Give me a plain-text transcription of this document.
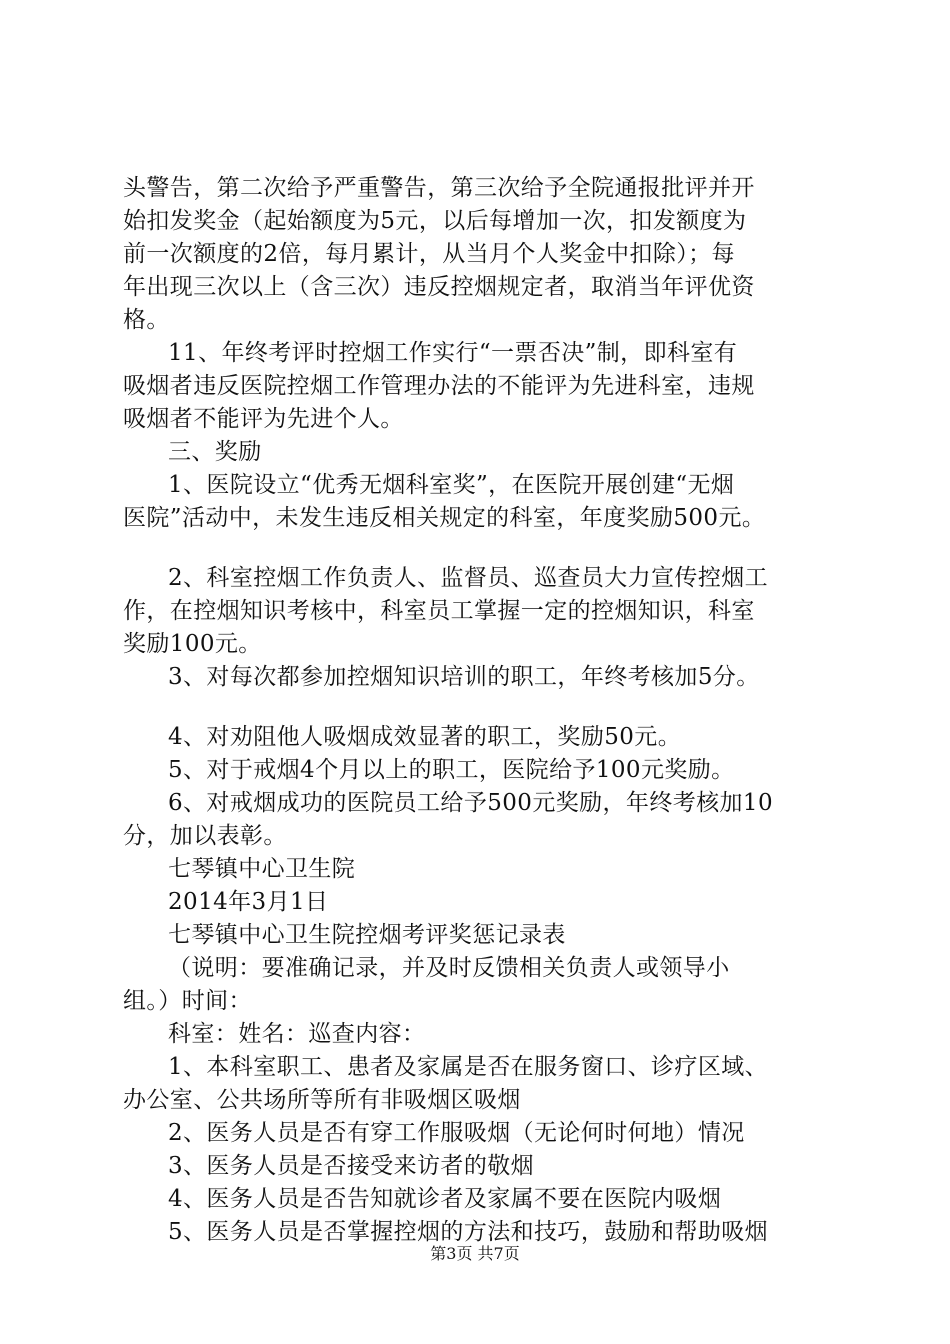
头警告，第二次给予严重警告，第三次给予全院通报批评并开
始扣发奖金（起始额度为5元，以后每增加一次，扣发额度为
前一次额度的2倍，每月累计，从当月个人奖金中扣除）；每
年出现三次以上（含三次）违反控烟规定者，取消当年评优资
格。
11、年终考评时控烟工作实行“一票否决”制，即科室有
吸烟者违反医院控烟工作管理办法的不能评为先进科室，违规
吸烟者不能评为先进个人。
三、奖励
1、医院设立“优秀无烟科室奖”，在医院开展创建“无烟
医院”活动中，未发生违反相关规定的科室，年度奖励500元。
2、科室控烟工作负责人、监督员、巡查员大力宣传控烟工
作，在控烟知识考核中，科室员工掌握一定的控烟知识，科室
奖励100元。
3、对每次都参加控烟知识培训的职工，年终考核加5分。
4、对劝阻他人吸烟成效显著的职工，奖励50元。
5、对于戒烟4个月以上的职工，医院给予100元奖励。
6、对戒烟成功的医院员工给予500元奖励，年终考核加10
分，加以表彰。
七琴镇中心卫生院
2014年3月1日
七琴镇中心卫生院控烟考评奖惩记录表
（说明：要准确记录，并及时反馈相关负责人或领导小
组。）时间：
科室：姓名：巡查内容：
1、本科室职工、患者及家属是否在服务窗口、诊疗区域、
办公室、公共场所等所有非吸烟区吸烟
2、医务人员是否有穿工作服吸烟（无论何时何地）情况
3、医务人员是否接受来访者的敬烟
4、医务人员是否告知就诊者及家属不要在医院内吸烟
5、医务人员是否掌握控烟的方法和技巧，鼓励和帮助吸烟
第3页 共7页
